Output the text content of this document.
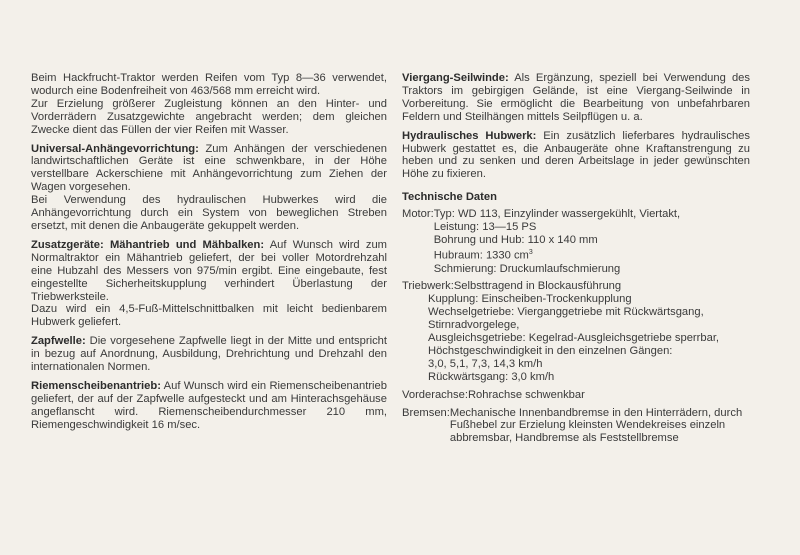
Beim Hackfrucht-Traktor werden Reifen vom Typ 8—36 verwendet, wodurch eine Bodenfreiheit von 463/568 mm erreicht wird.

Zur Erzielung größerer Zugleistung können an den Hinter- und Vorderrädern Zusatzgewichte angebracht werden; dem gleichen Zwecke dient das Füllen der vier Reifen mit Wasser.

Universal-Anhängevorrichtung: Zum Anhängen der verschiedenen landwirtschaftlichen Geräte ist eine schwenkbare, in der Höhe verstellbare Ackerschiene mit Anhängevorrichtung zum Ziehen der Wagen vorgesehen.
Bei Verwendung des hydraulischen Hubwerkes wird die Anhängevorrichtung durch ein System von beweglichen Streben ersetzt, mit denen die Anbaugeräte gekuppelt werden.

Zusatzgeräte: Mähantrieb und Mähbalken: Auf Wunsch wird zum Normaltraktor ein Mähantrieb geliefert, der bei voller Motordrehzahl eine Hubzahl des Messers von 975/min ergibt. Eine eingebaute, fest eingestellte Sicherheitskupplung verhindert Überlastung der Triebwerksteile.
Dazu wird ein 4,5-Fuß-Mittelschnittbalken mit leicht bedienbarem Hubwerk geliefert.

Zapfwelle: Die vorgesehene Zapfwelle liegt in der Mitte und entspricht in bezug auf Anordnung, Ausbildung, Drehrichtung und Drehzahl den internationalen Normen.

Riemenscheibenantrieb: Auf Wunsch wird ein Riemenscheibenantrieb geliefert, der auf der Zapfwelle aufgesteckt und am Hinterachsgehäuse angeflanscht wird. Riemenscheibendurchmesser 210 mm, Riemengeschwindigkeit 16 m/sec.

Viergang-Seilwinde: Als Ergänzung, speziell bei Verwendung des Traktors im gebirgigen Gelände, ist eine Viergang-Seilwinde in Vorbereitung. Sie ermöglicht die Bearbeitung von unbefahrbaren Feldern und Steilhängen mittels Seilpflügen u. a.

Hydraulisches Hubwerk: Ein zusätzlich lieferbares hydraulisches Hubwerk gestattet es, die Anbaugeräte ohne Kraftanstrengung zu heben und zu senken und deren Arbeitslage in jeder gewünschten Höhe zu fixieren.

Technische Daten
Motor: Typ: WD 113, Einzylinder wassergekühlt, Viertakt,
Leistung: 13—15 PS
Bohrung und Hub: 110 x 140 mm
Hubraum: 1330 $cm^3$
Schmierung: Druckumlaufschmierung
Triebwerk: Selbsttragend in Blockausführung
Kupplung: Einscheiben-Trockenkupplung
Wechselgetriebe: Vierganggetriebe mit Rückwärtsgang, Stirnradvorgelege,
Ausgleichsgetriebe: Kegelrad-Ausgleichsgetriebe sperrbar,
Höchstgeschwindigkeit in den einzelnen Gängen:
3,0, 5,1, 7,3, 14,3 km/h
Rückwärtsgang: 3,0 km/h
Vorderachse: Rohrachse schwenkbar
Bremsen: Mechanische Innenbandbremse in den Hinterrädern, durch Fußhebel zur Erzielung kleinsten Wendekreises einzeln abbremsbar, Handbremse als Feststellbremse
